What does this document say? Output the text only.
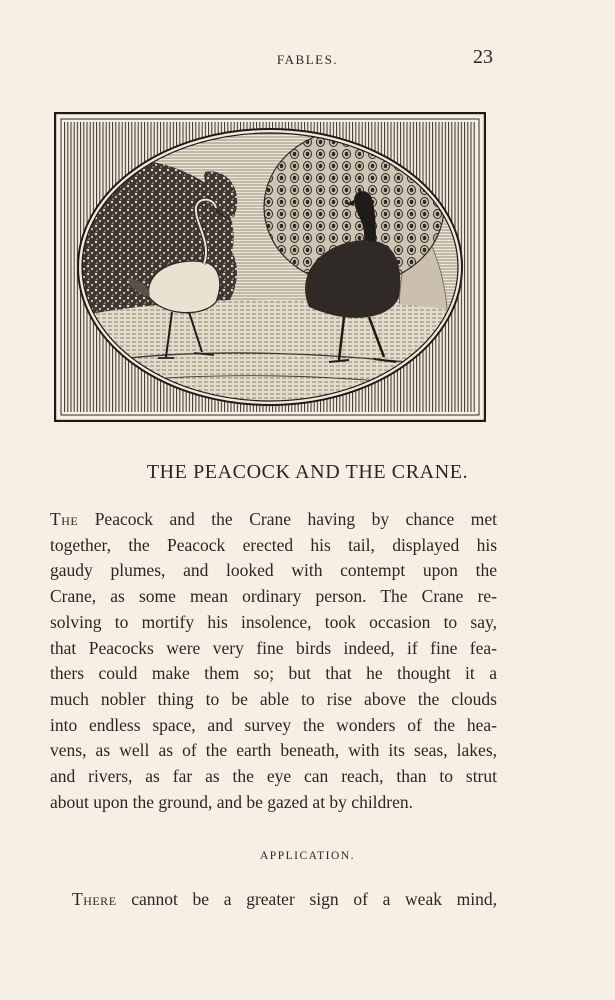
FABLES.	23
THE PEACOCK AND THE CRANE.
The Peacock and the Crane having by chance met
together, the Peacock erected his tail, displayed his
gaudy plumes, and looked with contempt upon the
Crane, as some mean ordinary person. The Crane re-
solving to mortify his insolence, took occasion to say,
that Peacocks were very fine birds indeed, if fine fea-
thers could make them so; but that he thought it a
much nobler thing to be able to rise above the clouds
into endless space, and survey the wonders of the hea-
vens, as well as of the earth beneath, with its seas, lakes,
and rivers, as far as the eye can reach, than to strut
about upon the ground, and be gazed at by children.
APPLICATION.
There cannot be a greater sign of a weak mind,
